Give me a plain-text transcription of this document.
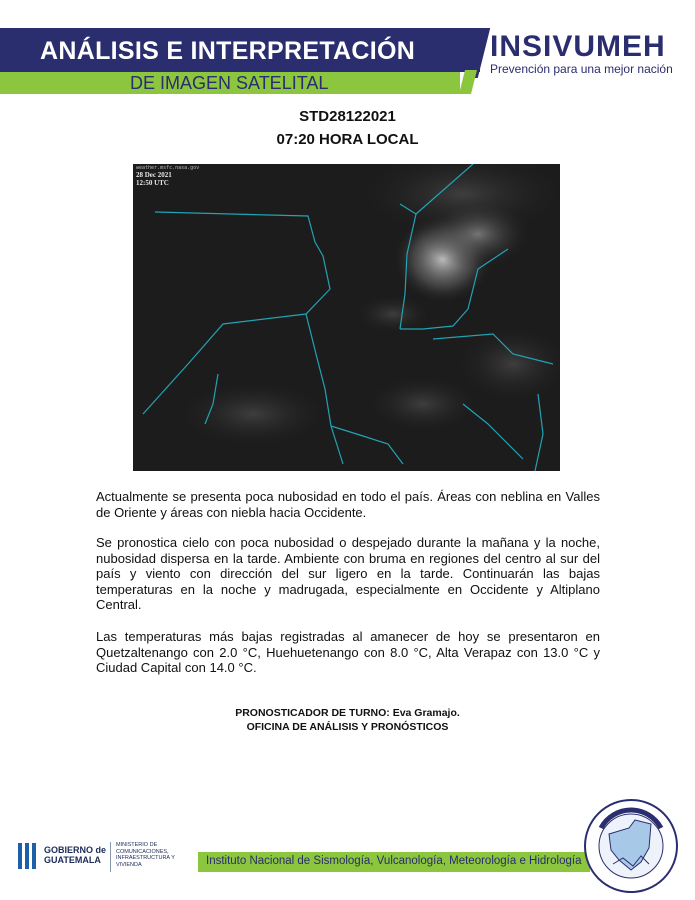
ANÁLISIS E INTERPRETACIÓN
DE IMAGEN SATELITAL
INSIVUMEH
Prevención para una mejor nación
STD28122021
07:20 HORA LOCAL
weather.msfc.nasa.gov
28 Dec 2021
12:50 UTC
Actualmente se presenta poca nubosidad en todo el país. Áreas con neblina en Valles de Oriente y áreas con niebla hacia Occidente.
Se pronostica cielo con poca nubosidad o despejado durante la mañana y la noche, nubosidad dispersa en la tarde. Ambiente con bruma en regiones del centro al sur del país y viento con dirección del sur ligero en la tarde. Continuarán las bajas temperaturas en la noche y madrugada, especialmente en Occidente y Altiplano Central.
Las temperaturas más bajas registradas al amanecer de hoy se presentaron en Quetzaltenango con 2.0 °C, Huehuetenango con 8.0 °C, Alta Verapaz con 13.0 °C y Ciudad Capital con 14.0 °C.
PRONOSTICADOR DE TURNO: Eva Gramajo.
OFICINA DE ANÁLISIS Y PRONÓSTICOS
GOBIERNO de
GUATEMALA
MINISTERIO DE COMUNICACIONES, INFRAESTRUCTURA Y VIVIENDA	Instituto Nacional de Sismología, Vulcanología, Meteorología e Hidrología
